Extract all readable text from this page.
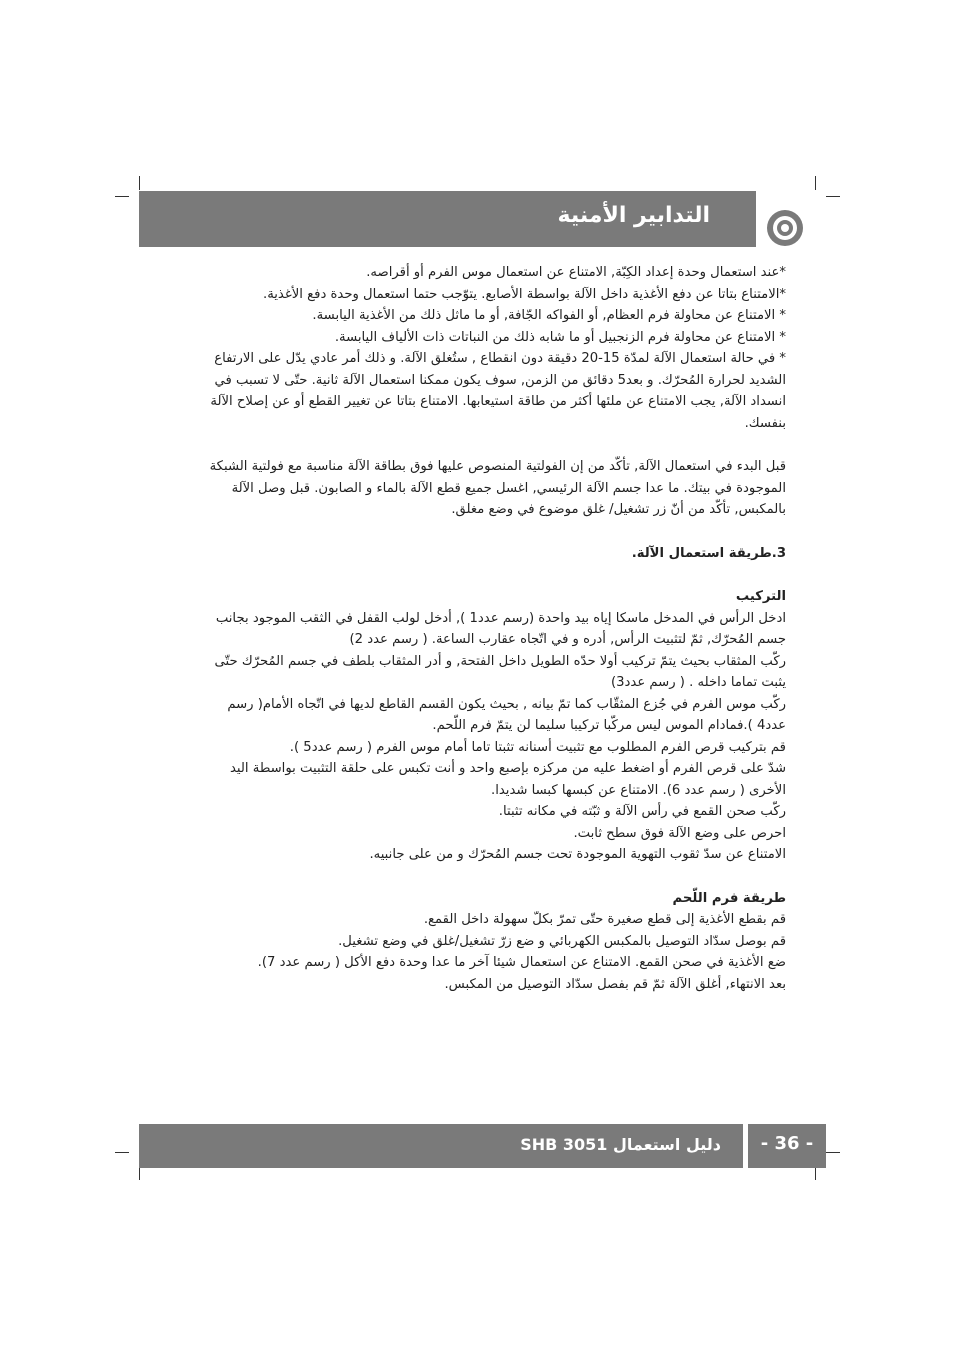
التدابير الأمنية

*عند استعمال وحدة إعداد الكِبّة, الامتناع عن استعمال موس الفرم أو أقراصه.

*الامتناع بتاتا عن دفع الأغذية داخل الآلة بواسطة الأصابع. يتوّجب حتما استعمال وحدة دفع الأغذية.

* الامتناع عن محاولة فرم العظام, أو الفواكه الجّافة, أو ما ماثل ذلك من الأغذية اليابسة.

* الامتناع عن محاولة فرم الزنجبيل أو ما شابه ذلك من النباتات ذات الألياف اليابسة.

* في حالة استعمال الآلة لمدّة 15-20 دقيقة دون انقطاع , ستُغلق الآلة. و ذلك أمر عادي يدّل على الارتفاع الشديد لحرارة المُحرّك. و بعد5 دقائق من الزمن, سوف يكون ممكنا استعمال الآلة ثانية. حتّى لا تسبب في انسداد الآلة, يجب الامتناع عن ملئها أكثر من طاقة استيعابها. الامتناع بتاتا عن تغيير القطع أو عن إصلاح الآلة بنفسك.

قبل البدء في استعمال الآلة, تأكّد من إن الفولتية المنصوص عليها فوق بطاقة الآلة مناسبة مع فولتية الشبكة الموجودة في بيتك. ما عدا جسم الآلة الرئيسي, اغسل جميع قطع الآلة بالماء و الصابون. قبل وصل الآلة بالمكبس, تأكّد من أنّ زر تشغيل/ غلق موضوع في وضع مغلق.

3.طريقة استعمال الآلة.

التركيب

ادخل الرأس في المدخل ماسكا إياه بيد واحدة (رسم عدد1 ), أدخل لولب القفل في الثقب الموجود بجانب جسم المُحرّك, ثمّ لتثبيت الرأس, أدره و في اتّجاه عقارب الساعة. ( رسم عدد 2)

ركّب المثقاب بحيث يتمّ تركيب أولا حدّه الطويل داخل الفتحة, و أدر المثقاب بلطف في جسم المُحرّك حتّى يثبت تماما داخله . ( رسم عدد3)

ركّب موس الفرم في جُزع المثقّاب كما تمّ بيانه , بحيث يكون القسم القاطع لديها في اتّجاه الأمام( رسم عدد4 ).فمادام الموس ليس مركّبا تركيبا سليما لن يتمّ فرم اللّحم.

قم بتركيب قرص الفرم المطلوب مع تثبيت أسنانه تثبتا تاما أمام موس الفرم ( رسم عدد5 ).

شدّ على قرص الفرم أو اضغط عليه من مركزه بإصبع واحد و أنت تكبس على حلقة التثبيت بواسطة اليد الأخرى ( رسم عدد 6). الامتناع عن كبسها كبسا شديدا.

ركّب صحن القمع في رأس الآلة و ثبّته في مكانه تثبتا.

احرص على وضع الآلة فوق سطح ثابت.

الامتناع عن سدّ ثقوب التهوية الموجودة تحت جسم المُحرّك و من على جانبيه.

طريقة فرم اللّحم

قم بقطع الأغذية إلى قطع صغيرة حتّى تمرّ بكلّ سهولة داخل القمع.

قم بوصل سدّاد التوصيل بالمكبس الكهربائي و ضع زرّ تشغيل/غلق في وضع تشغيل.

ضع الأغذية في صحن القمع. الامتناع عن استعمال شيئا آخر ما عدا وحدة دفع الأكل ( رسم عدد 7).

بعد الانتهاء, أغلق الآلة ثمّ قم بفصل سدّاد التوصيل من المكبس.

دليل استعمال SHB 3051	- 36 -
